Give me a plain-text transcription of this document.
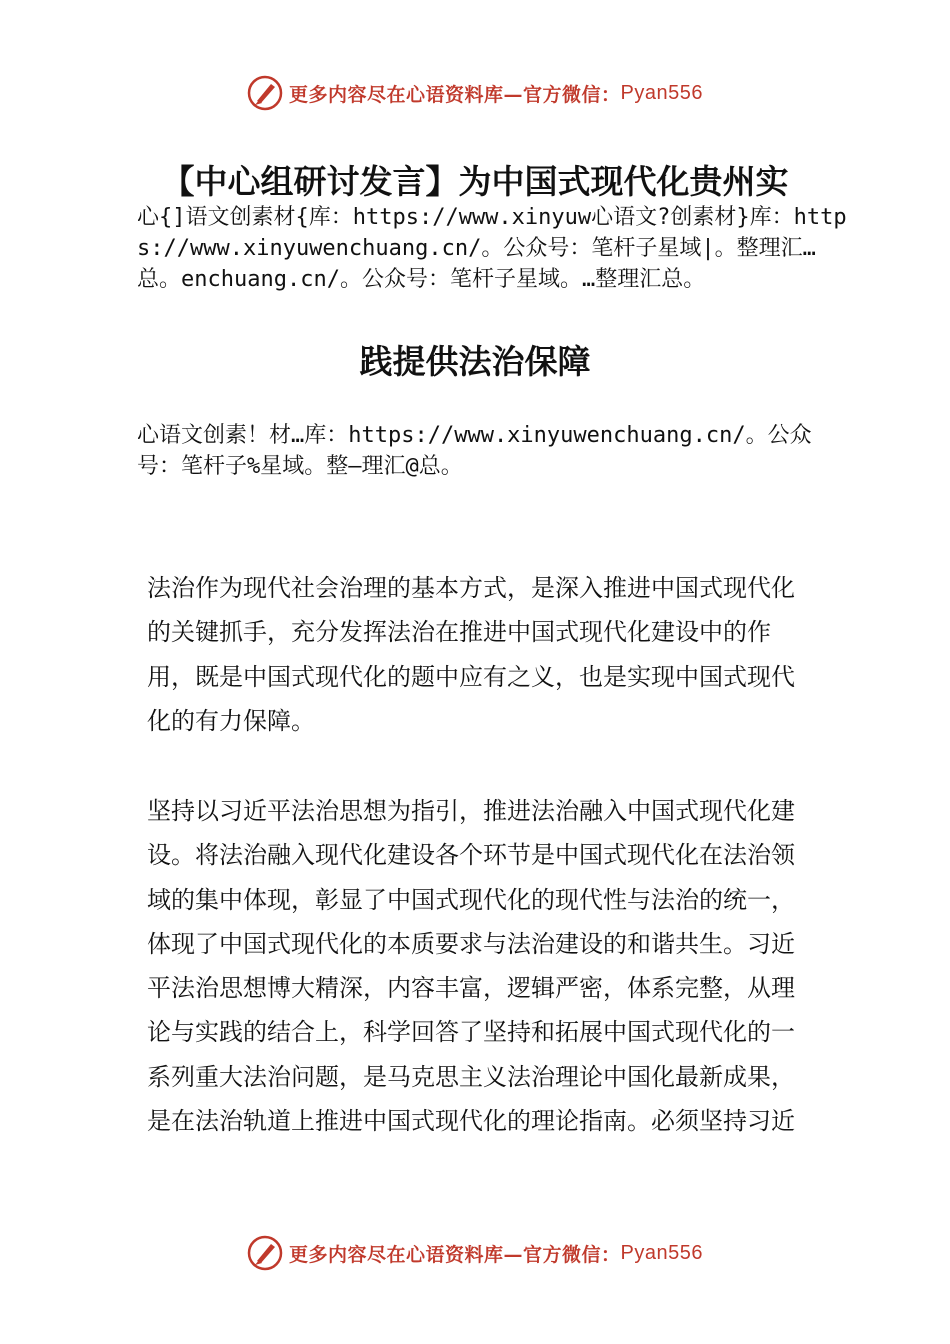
更多内容尽在心语资料库—官方微信： Pyan556
【中心组研讨发言】为中国式现代化贵州实
心{]语文创素材{库：https://www.xinyuw心语文?创素材}库：https://www.xinyuwenchuang.cn/。公众号：笔杆子星域|。整理汇…总。enchuang.cn/。公众号：笔杆子星域。…整理汇总。
践提供法治保障
心语文创素！材…库：https://www.xinyuwenchuang.cn/。公众号：笔杆子%星域。整—理汇@总。

法治作为现代社会治理的基本方式，是深入推进中国式现代化的关键抓手，充分发挥法治在推进中国式现代化建设中的作用，既是中国式现代化的题中应有之义，也是实现中国式现代化的有力保障。

坚持以习近平法治思想为指引，推进法治融入中国式现代化建设。将法治融入现代化建设各个环节是中国式现代化在法治领域的集中体现，彰显了中国式现代化的现代性与法治的统一，体现了中国式现代化的本质要求与法治建设的和谐共生。习近平法治思想博大精深，内容丰富，逻辑严密，体系完整，从理论与实践的结合上，科学回答了坚持和拓展中国式现代化的一系列重大法治问题，是马克思主义法治理论中国化最新成果，是在法治轨道上推进中国式现代化的理论指南。必须坚持习近

更多内容尽在心语资料库—官方微信： Pyan556
